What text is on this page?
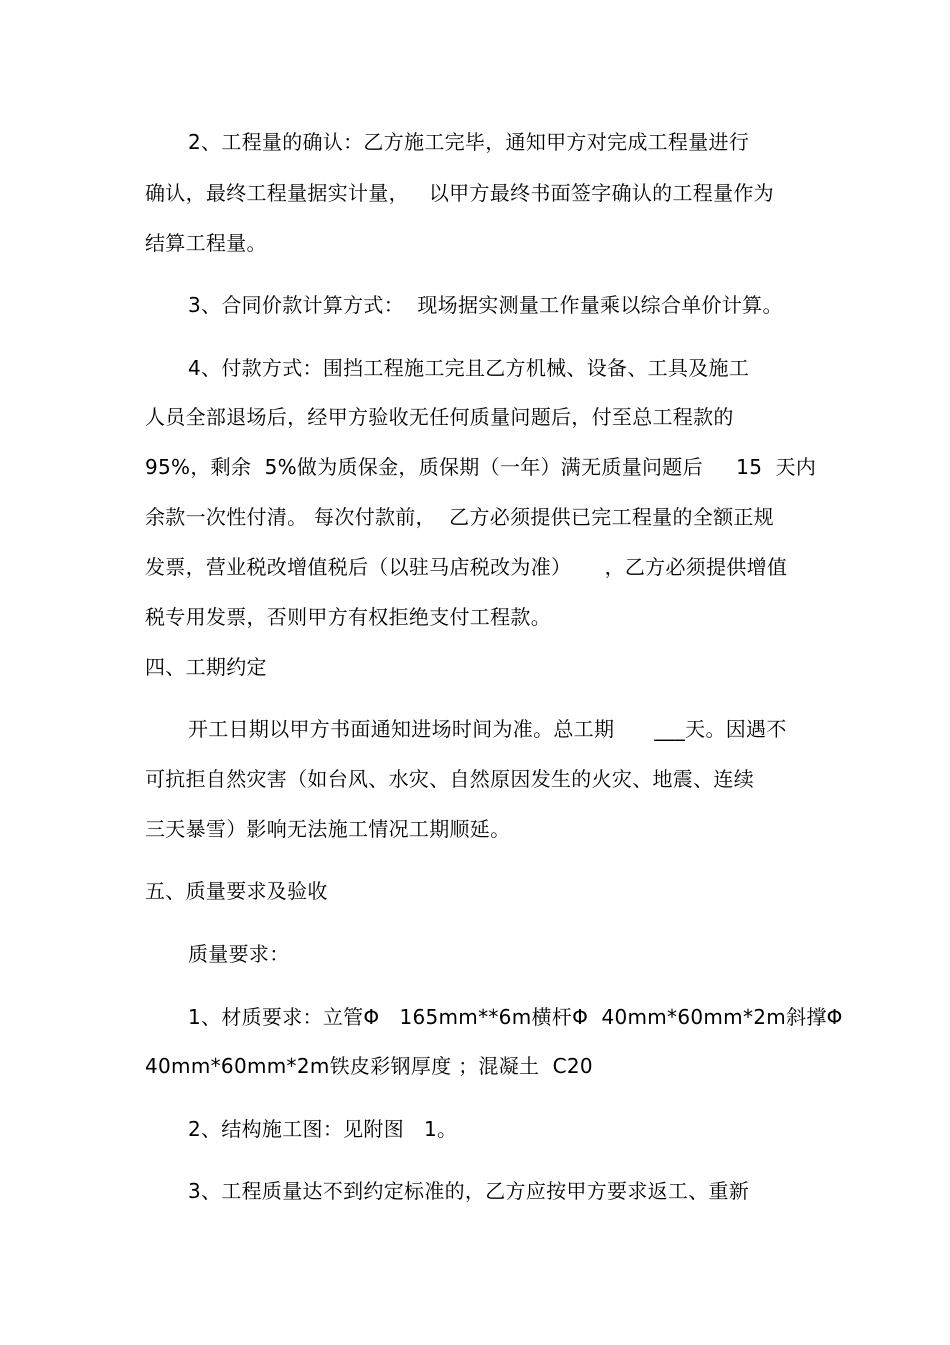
2、工程量的确认：乙方施工完毕，通知甲方对完成工程量进行
确认，最终工程量据实计量，   以甲方最终书面签字确认的工程量作为
结算工程量。
3、合同价款计算方式：  现场据实测量工作量乘以综合单价计算。
4、付款方式：围挡工程施工完且乙方机械、设备、工具及施工
人员全部退场后，经甲方验收无任何质量问题后，付至总工程款的
95%，剩余  5%做为质保金，质保期（一年）满无质量问题后     15  天内
余款一次性付清。 每次付款前，  乙方必须提供已完工程量的全额正规
发票，营业税改增值税后（以驻马店税改为准）     ，乙方必须提供增值
税专用发票，否则甲方有权拒绝支付工程款。
四、工期约定
开工日期以甲方书面通知进场时间为准。总工期      ___天。因遇不
可抗拒自然灾害（如台风、水灾、自然原因发生的火灾、地震、连续
三天暴雪）影响无法施工情况工期顺延。
五、质量要求及验收
质量要求：
1、材质要求：立管Φ   165mm**6m横杆Φ  40mm*60mm*2m斜撑Φ
40mm*60mm*2m铁皮彩钢厚度 ；混凝土  C20
2、结构施工图：见附图   1。
3、工程质量达不到约定标准的，乙方应按甲方要求返工、重新
